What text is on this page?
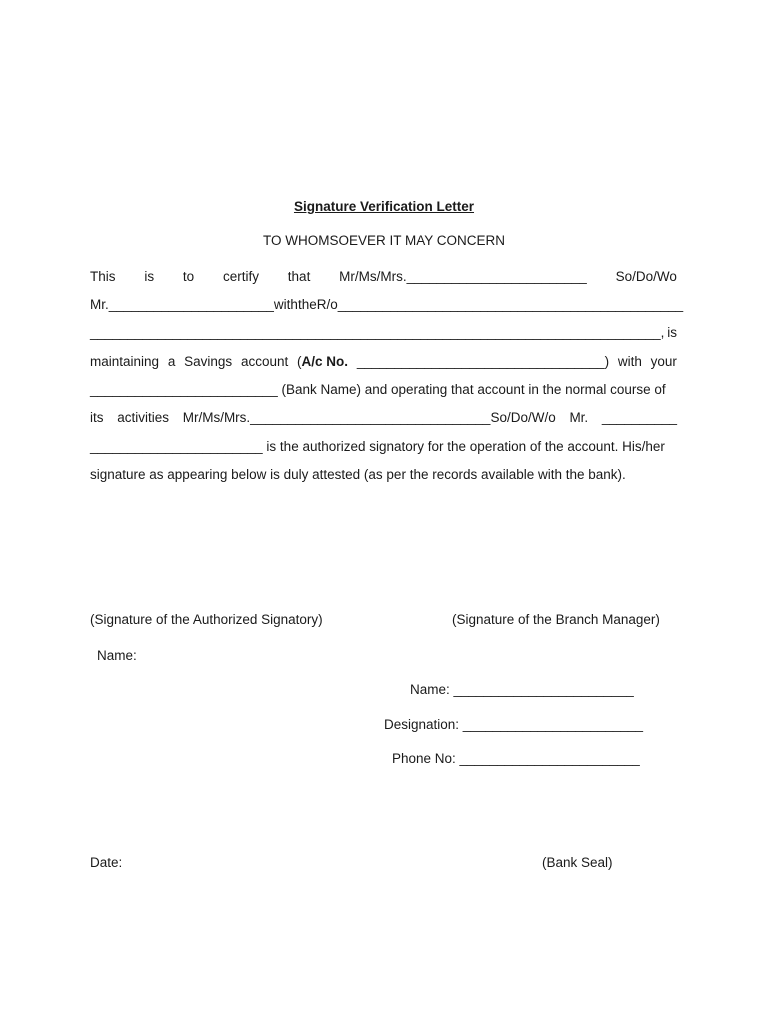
Signature Verification Letter
TO WHOMSOEVER IT MAY CONCERN
This is to certify that Mr/Ms/Mrs.________________________ So/Do/Wo
Mr.______________________with the R/o______________________________________________
____________________________________________________________________________, is
maintaining a Savings account (A/c No. _________________________________) with your
_________________________ (Bank Name) and operating that account in the normal course of
its activities Mr/Ms/Mrs.________________________________So/Do/W/o Mr. __________
_______________________ is the authorized signatory for the operation of the account. His/her
signature as appearing below is duly attested (as per the records available with the bank).
(Signature of the Authorized Signatory)	(Signature of the Branch Manager)
Name:
Name: ________________________
Designation: ________________________
Phone No: ________________________
Date:	(Bank Seal)
